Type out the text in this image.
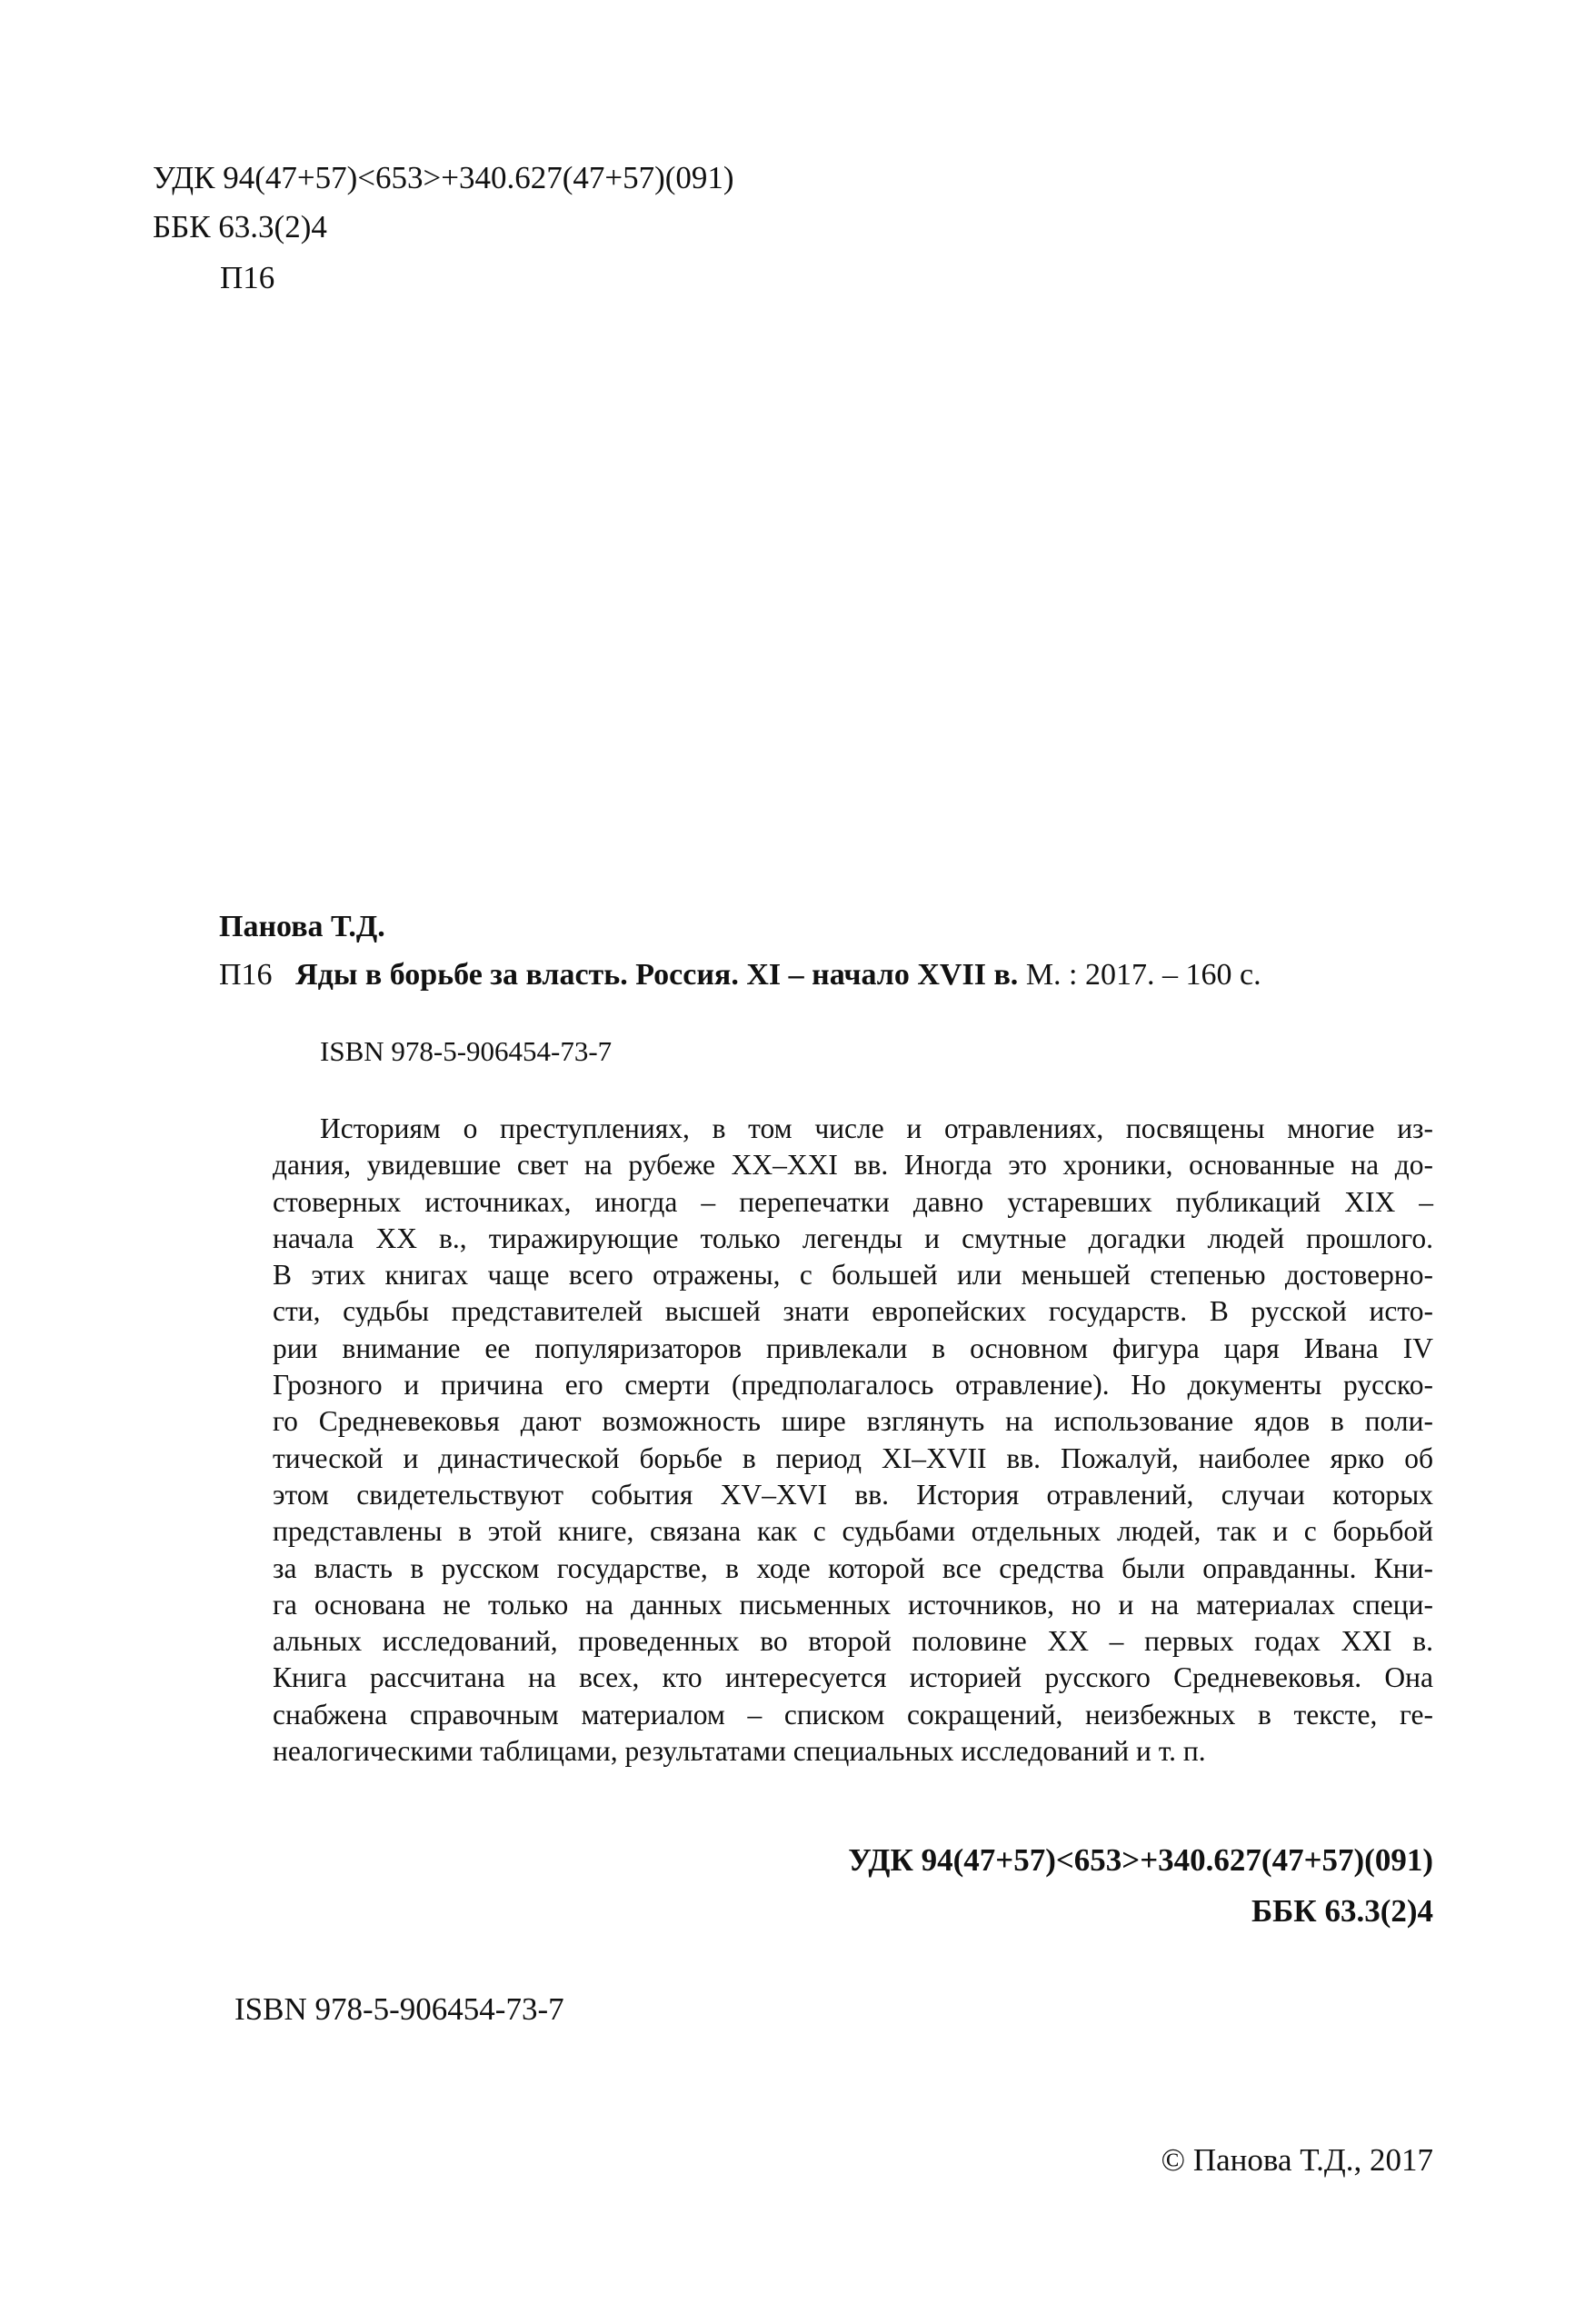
УДК 94(47+57)<653>+340.627(47+57)(091)
ББК 63.3(2)4
П16
Панова Т.Д.
П16 Яды в борьбе за власть. Россия. XI – начало XVII в. М. : 2017. – 160 с.
ISBN 978-5-906454-73-7
Историям о преступлениях, в том числе и отравлениях, посвящены многие из-
дания, увидевшие свет на рубеже XX–XXI вв. Иногда это хроники, основанные на до-
стоверных источниках, иногда – перепечатки давно устаревших публикаций XIX –
начала XX в., тиражирующие только легенды и смутные догадки людей прошлого.
В этих книгах чаще всего отражены, с большей или меньшей степенью достоверно-
сти, судьбы представителей высшей знати европейских государств. В русской исто-
рии внимание ее популяризаторов привлекали в основном фигура царя Ивана IV
Грозного и причина его смерти (предполагалось отравление). Но документы русско-
го Средневековья дают возможность шире взглянуть на использование ядов в поли-
тической и династической борьбе в период XI–XVII вв. Пожалуй, наиболее ярко об
этом свидетельствуют события XV–XVI вв. История отравлений, случаи которых
представлены в этой книге, связана как с судьбами отдельных людей, так и с борьбой
за власть в русском государстве, в ходе которой все средства были оправданны. Кни-
га основана не только на данных письменных источников, но и на материалах специ-
альных исследований, проведенных во второй половине XX – первых годах XXI в.
Книга рассчитана на всех, кто интересуется историей русского Средневековья. Она
снабжена справочным материалом – списком сокращений, неизбежных в тексте, ге-
неалогическими таблицами, результатами специальных исследований и т. п.
УДК 94(47+57)<653>+340.627(47+57)(091)
ББК 63.3(2)4
ISBN 978-5-906454-73-7
© Панова Т.Д., 2017
